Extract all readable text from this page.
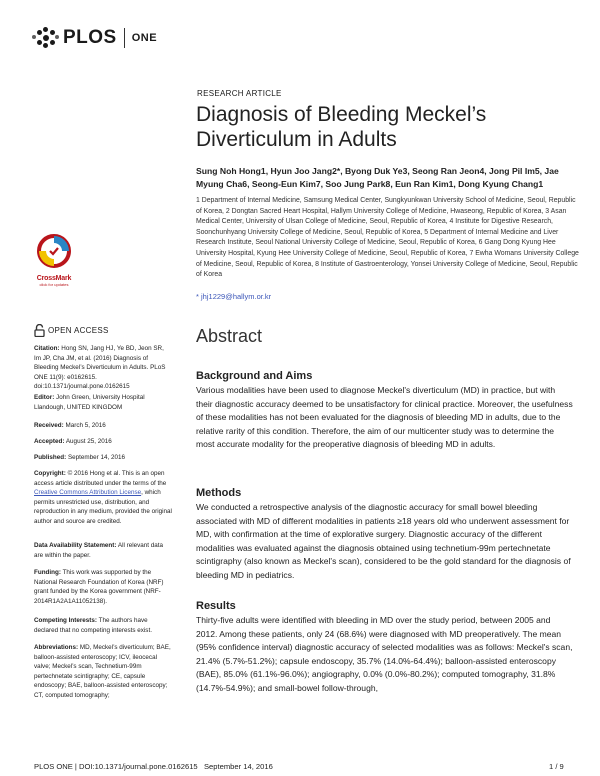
PLOS ONE
RESEARCH ARTICLE
Diagnosis of Bleeding Meckel’s Diverticulum in Adults
Sung Noh Hong1, Hyun Joo Jang2*, Byong Duk Ye3, Seong Ran Jeon4, Jong Pil Im5, Jae Myung Cha6, Seong-Eun Kim7, Soo Jung Park8, Eun Ran Kim1, Dong Kyung Chang1
1 Department of Internal Medicine, Samsung Medical Center, Sungkyunkwan University School of Medicine, Seoul, Republic of Korea, 2 Dongtan Sacred Heart Hospital, Hallym University College of Medicine, Hwaseong, Republic of Korea, 3 Asan Medical Center, University of Ulsan College of Medicine, Seoul, Republic of Korea, 4 Institute for Digestive Research, Soonchunhyang University College of Medicine, Seoul, Republic of Korea, 5 Department of Internal Medicine and Liver Research Institute, Seoul National University College of Medicine, Seoul, Republic of Korea, 6 Gang Dong Kyung Hee University Hospital, Kyung Hee University College of Medicine, Seoul, Republic of Korea, 7 Ewha Womans University College of Medicine, Seoul, Republic of Korea, 8 Institute of Gastroenterology, Yonsei University College of Medicine, Seoul, Republic of Korea
* jhj1229@hallym.or.kr
Abstract
Background and Aims

Various modalities have been used to diagnose Meckel's diverticulum (MD) in practice, but with their diagnostic accuracy deemed to be unsatisfactory for clinical practice. Moreover, the usefulness of these modalities has not been evaluated for the diagnosis of bleeding MD in adults, due to the relative rarity of this condition. Therefore, the aim of our multicenter study was to determine the most accurate modality for the preoperative diagnosis of bleeding MD in adults.

Methods

We conducted a retrospective analysis of the diagnostic accuracy for small bowel bleeding associated with MD of different modalities in patients ≥18 years old who underwent assessment for MD, with confirmation at the time of explorative surgery. Diagnostic accuracy of the different modalities was evaluated against the diagnosis obtained using technetium-99m pertechnetate scintigraphy (also known as Meckel's scan), considered to be the gold standard for the diagnosis of bleeding MD in pediatrics.

Results

Thirty-five adults were identified with bleeding in MD over the study period, between 2005 and 2012. Among these patients, only 24 (68.6%) were diagnosed with MD preoperatively. The mean (95% confidence interval) diagnostic accuracy of selected modalities was as follows: Meckel's scan, 21.4% (5.7%-51.2%); capsule endoscopy, 35.7% (14.0%-64.4%); balloon-assisted enteroscopy (BAE), 85.0% (61.1%-96.0%); angiography, 0.0% (0.0%-80.2%); computed tomography, 31.8% (14.7%-54.9%); and small-bowel follow-through,

CrossMark
click for updates
OPEN ACCESS
Citation: Hong SN, Jang HJ, Ye BD, Jeon SR, Im JP, Cha JM, et al. (2016) Diagnosis of Bleeding Meckel’s Diverticulum in Adults. PLoS ONE 11(9): e0162615. doi:10.1371/journal.pone.0162615
Editor: John Green, University Hospital Llandough, UNITED KINGDOM
Received: March 5, 2016
Accepted: August 25, 2016
Published: September 14, 2016
Copyright: © 2016 Hong et al. This is an open access article distributed under the terms of the Creative Commons Attribution License, which permits unrestricted use, distribution, and reproduction in any medium, provided the original author and source are credited.
Data Availability Statement: All relevant data are within the paper.
Funding: This work was supported by the National Research Foundation of Korea (NRF) grant funded by the Korea government (NRF-2014R1A2A1A11052138).
Competing Interests: The authors have declared that no competing interests exist.
Abbreviations: MD, Meckel’s diverticulum; BAE, balloon-assisted enteroscopy; ICV, ileocecal valve; Meckel’s scan, Technetium-99m pertechnetate scintigraphy; CE, capsule endoscopy; BAE, balloon-assisted enteroscopy; CT, computed tomography;
PLOS ONE | DOI:10.1371/journal.pone.0162615   September 14, 2016	1 / 9
